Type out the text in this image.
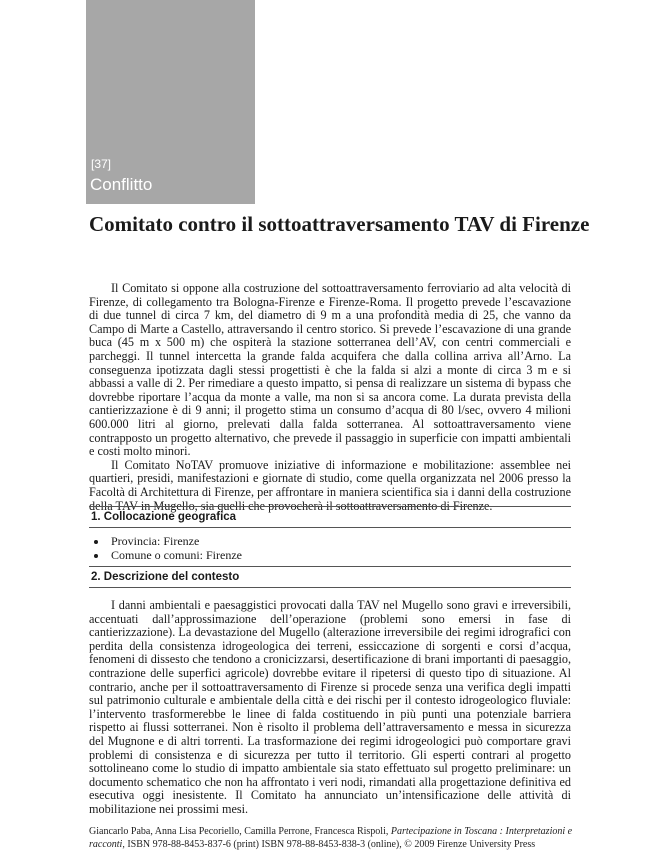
[37]
Conflitto
Comitato contro il sottoattraversamento TAV di Firenze

Il Comitato si oppone alla costruzione del sottoattraversamento ferroviario ad alta velocità di Firenze, di collegamento tra Bologna-Firenze e Firenze-Roma. Il progetto prevede l’escavazione di due tunnel di circa 7 km, del diametro di 9 m a una profondità media di 25, che vanno da Campo di Marte a Castello, attraversando il centro storico. Si prevede l’escavazione di una grande buca (45 m x 500 m) che ospiterà la stazione sotterranea dell’AV, con centri commerciali e parcheggi. Il tunnel intercetta la grande falda acquifera che dalla collina arriva all’Arno. La conseguenza ipotizzata dagli stessi progettisti è che la falda si alzi a monte di circa 3 m e si abbassi a valle di 2. Per rimediare a questo impatto, si pensa di realizzare un sistema di bypass che dovrebbe riportare l’acqua da monte a valle, ma non si sa ancora come. La durata prevista della cantierizzazione è di 9 anni; il progetto stima un consumo d’acqua di 80 l/sec, ovvero 4 milioni 600.000 litri al giorno, prelevati dalla falda sotterranea. Al sottoattraversamento viene contrapposto un progetto alternativo, che prevede il passaggio in superficie con impatti ambientali e costi molto minori.

Il Comitato NoTAV promuove iniziative di informazione e mobilitazione: assemblee nei quartieri, presidi, manifestazioni e giornate di studio, come quella organizzata nel 2006 presso la Facoltà di Architettura di Firenze, per affrontare in maniera scientifica sia i danni della costruzione della TAV in Mugello, sia quelli che provocherà il sottoattraversamento di Firenze.

1. Collocazione geografica
Provincia: Firenze
Comune o comuni: Firenze
2. Descrizione del contesto

I danni ambientali e paesaggistici provocati dalla TAV nel Mugello sono gravi e irreversibili, accentuati dall’approssimazione dell’operazione (problemi sono emersi in fase di cantierizzazione). La devastazione del Mugello (alterazione irreversibile dei regimi idrografici con perdita della consistenza idrogeologica dei terreni, essiccazione di sorgenti e corsi d’acqua, fenomeni di dissesto che tendono a cronicizzarsi, desertificazione di brani importanti di paesaggio, contrazione delle superfici agricole) dovrebbe evitare il ripetersi di questo tipo di situazione. Al contrario, anche per il sottoattraversamento di Firenze si procede senza una verifica degli impatti sul patrimonio culturale e ambientale della città e dei rischi per il contesto idrogeologico fluviale: l’intervento trasformerebbe le linee di falda costituendo in più punti una potenziale barriera rispetto ai flussi sotterranei. Non è risolto il problema dell’attraversamento e messa in sicurezza del Mugnone e di altri torrenti. La trasformazione dei regimi idrogeologici può comportare gravi problemi di consistenza e di sicurezza per tutto il territorio. Gli esperti contrari al progetto sottolineano come lo studio di impatto ambientale sia stato effettuato sul progetto preliminare: un documento schematico che non ha affrontato i veri nodi, rimandati alla progettazione definitiva ed esecutiva oggi inesistente. Il Comitato ha annunciato un’intensificazione delle attività di mobilitazione nei prossimi mesi.

Giancarlo Paba, Anna Lisa Pecoriello, Camilla Perrone, Francesca Rispoli, Partecipazione in Toscana : Interpretazioni e racconti, ISBN 978-88-8453-837-6 (print) ISBN 978-88-8453-838-3 (online), © 2009 Firenze University Press
